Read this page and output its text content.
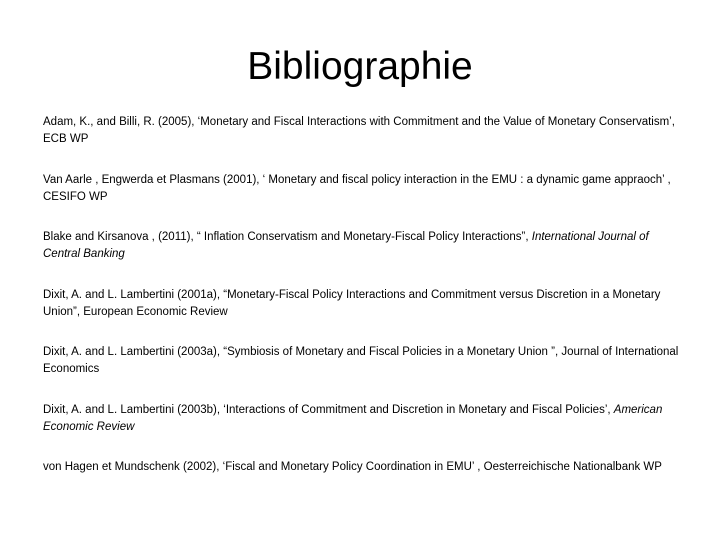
Bibliographie
Adam, K., and Billi, R. (2005), ‘Monetary and Fiscal Interactions with Commitment and the Value of Monetary Conservatism’, ECB WP
Van Aarle , Engwerda et Plasmans (2001), ‘ Monetary and fiscal policy interaction in the EMU : a dynamic game appraoch’ , CESIFO WP
Blake and Kirsanova , (2011), “ Inflation Conservatism and Monetary-Fiscal Policy Interactions”, International Journal of Central Banking
Dixit, A. and L. Lambertini (2001a), “Monetary-Fiscal Policy Interactions and Commitment versus Discretion in a Monetary Union”, European Economic Review
Dixit, A. and L. Lambertini (2003a), “Symbiosis of Monetary and Fiscal Policies in a Monetary Union ”, Journal of International Economics
Dixit, A. and L. Lambertini (2003b), ‘Interactions of Commitment and Discretion in Monetary and Fiscal Policies’, American Economic Review
von Hagen et Mundschenk (2002), ‘Fiscal and Monetary Policy Coordination in EMU’ , Oesterreichische Nationalbank WP
